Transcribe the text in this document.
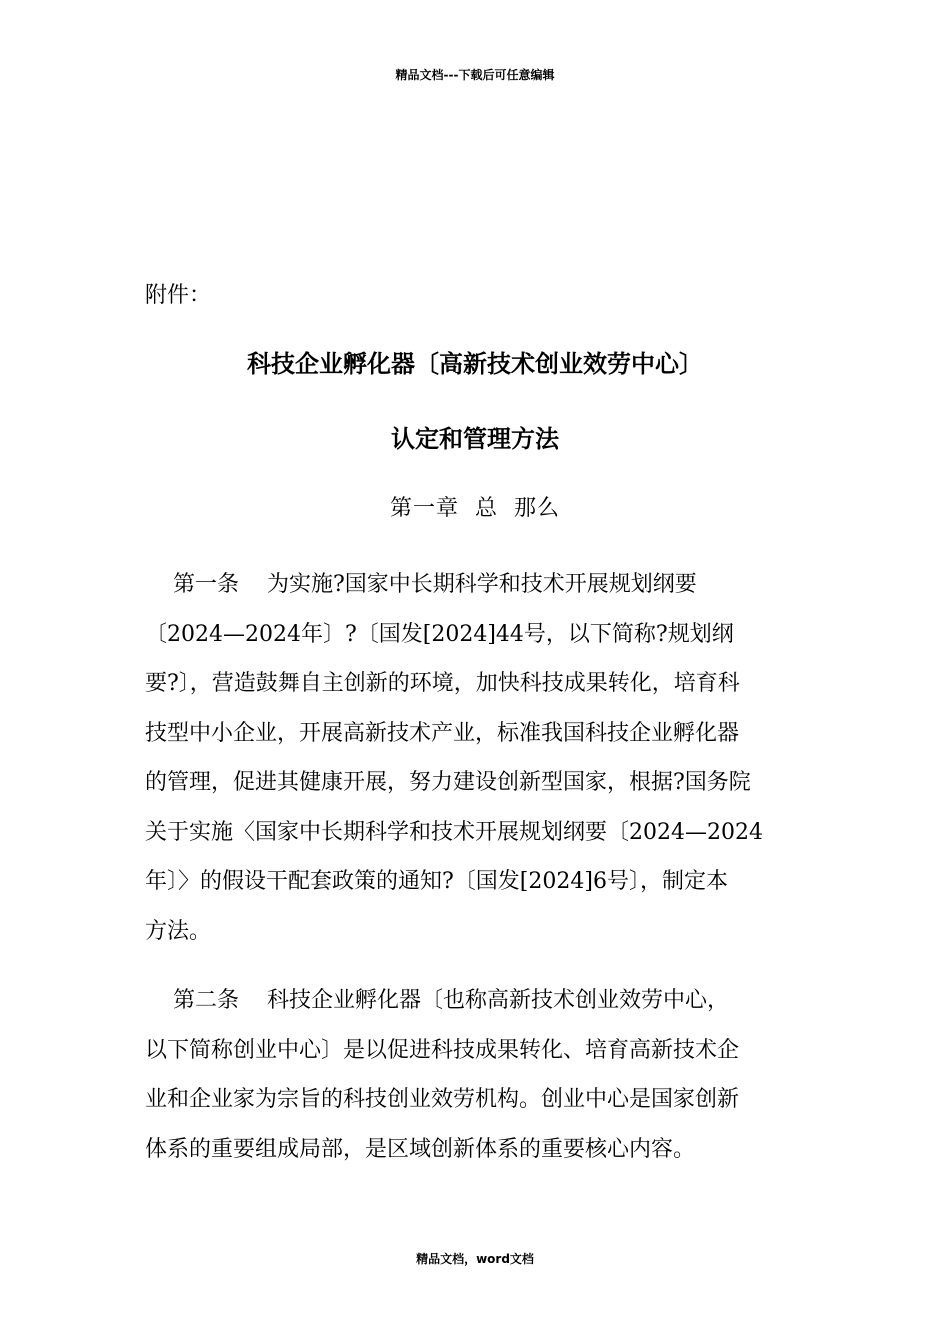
精品文档---下载后可任意编辑
附件：
科技企业孵化器〔高新技术创业效劳中心〕
认定和管理方法
第一章  总  那么
第一条    为实施?国家中长期科学和技术开展规划纲要
〔2024—2024年〕?〔国发[2024]44号，以下简称?规划纲
要?〕，营造鼓舞自主创新的环境，加快科技成果转化，培育科
技型中小企业，开展高新技术产业，标准我国科技企业孵化器
的管理，促进其健康开展，努力建设创新型国家，根据?国务院
关于实施〈国家中长期科学和技术开展规划纲要〔2024—2024
年〕〉的假设干配套政策的通知?〔国发[2024]6号〕，制定本
方法。
第二条    科技企业孵化器〔也称高新技术创业效劳中心，
以下简称创业中心〕是以促进科技成果转化、培育高新技术企
业和企业家为宗旨的科技创业效劳机构。创业中心是国家创新
体系的重要组成局部，是区域创新体系的重要核心内容。
精品文档，word文档
